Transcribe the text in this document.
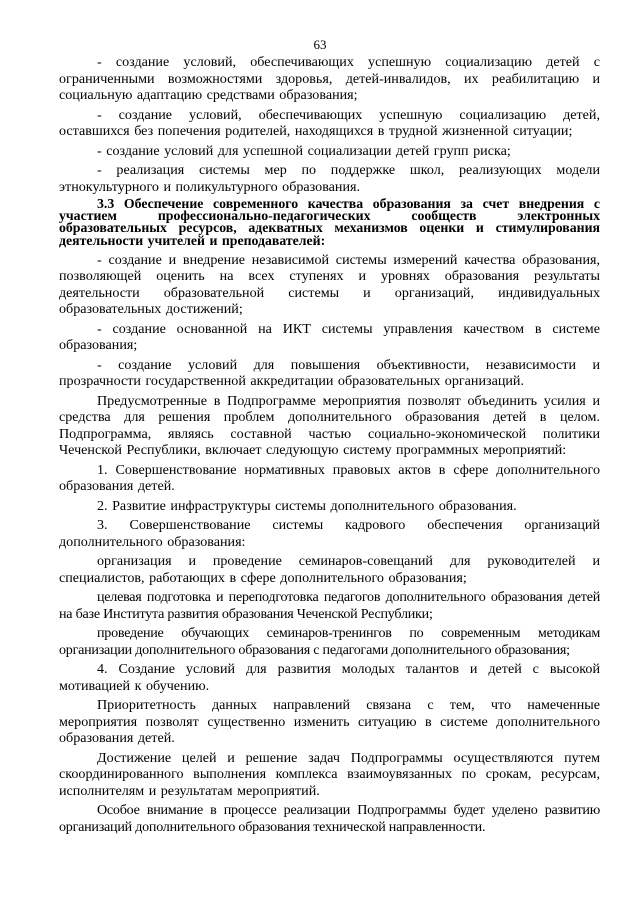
63

- создание условий, обеспечивающих успешную социализацию детей с ограниченными возможностями здоровья, детей-инвалидов, их реабилитацию и социальную адаптацию средствами образования;

- создание условий, обеспечивающих успешную социализацию детей, оставшихся без попечения родителей, находящихся в трудной жизненной ситуации;

- создание условий для успешной социализации детей групп риска;

- реализация системы мер по поддержке школ, реализующих модели этнокультурного и поликультурного образования.

3.3 Обеспечение современного качества образования за счет внедрения с участием профессионально-педагогических сообществ электронных образовательных ресурсов, адекватных механизмов оценки и стимулирования деятельности учителей и преподавателей:

- создание и внедрение независимой системы измерений качества образования, позволяющей оценить на всех ступенях и уровнях образования результаты деятельности образовательной системы и организаций, индивидуальных образовательных достижений;

- создание основанной на ИКТ системы управления качеством в системе образования;

- создание условий для повышения объективности, независимости и прозрачности государственной аккредитации образовательных организаций.

Предусмотренные в Подпрограмме мероприятия позволят объединить усилия и средства для решения проблем дополнительного образования детей в целом. Подпрограмма, являясь составной частью социально-экономической политики Чеченской Республики, включает следующую систему программных мероприятий:

1. Совершенствование нормативных правовых актов в сфере дополнительного образования детей.

2. Развитие инфраструктуры системы дополнительного образования.

3. Совершенствование системы кадрового обеспечения организаций дополнительного образования:

организация и проведение семинаров-совещаний для руководителей и специалистов, работающих в сфере дополнительного образования;

целевая подготовка и переподготовка педагогов дополнительного образования детей на базе Института развития образования Чеченской Республики;

проведение обучающих семинаров-тренингов по современным методикам организации дополнительного образования с педагогами дополнительного образования;

4. Создание условий для развития молодых талантов и детей с высокой мотивацией к обучению.

Приоритетность данных направлений связана с тем, что намеченные мероприятия позволят существенно изменить ситуацию в системе дополнительного образования детей.

Достижение целей и решение задач Подпрограммы осуществляются путем скоординированного выполнения комплекса взаимоувязанных по срокам, ресурсам, исполнителям и результатам мероприятий.

Особое внимание в процессе реализации Подпрограммы будет уделено развитию организаций дополнительного образования технической направленности.
